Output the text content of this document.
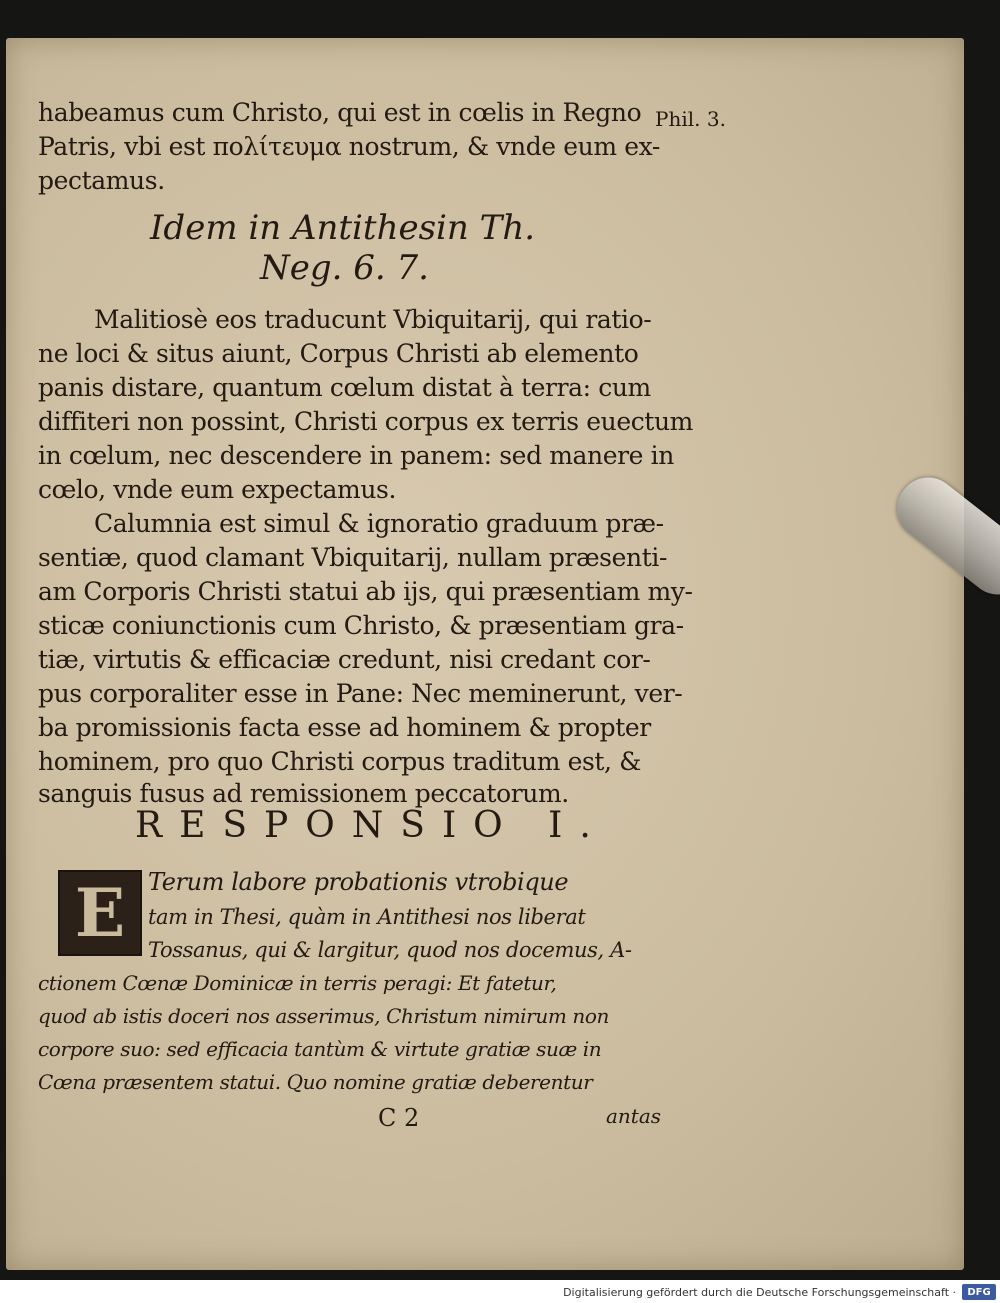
habeamus cum Christo, qui est in cœlis in Regno
Patris, vbi est πολίτευμα nostrum, & vnde eum ex-
pectamus.
Phil. 3.
Idem in Antithesin Th.
Neg. 6. 7.
Malitiosè eos traducunt Vbiquitarij, qui ratio-
ne loci & situs aiunt, Corpus Christi ab elemento
panis distare, quantum cœlum distat à terra: cum
diffiteri non possint, Christi corpus ex terris euectum
in cœlum, nec descendere in panem: sed manere in
cœlo, vnde eum expectamus.
Calumnia est simul & ignoratio graduum præ-
sentiæ, quod clamant Vbiquitarij, nullam præsenti-
am Corporis Christi statui ab ijs, qui præsentiam my-
sticæ coniunctionis cum Christo, & præsentiam gra-
tiæ, virtutis & efficaciæ credunt, nisi credant cor-
pus corporaliter esse in Pane: Nec meminerunt, ver-
ba promissionis facta esse ad hominem & propter
hominem, pro quo Christi corpus traditum est, &
sanguis fusus ad remissionem peccatorum.
RESPONSIO I.
E Terum labore probationis vtrobique
tam in Thesi, quàm in Antithesi nos liberat
Tossanus, qui & largitur, quod nos docemus, A-
ctionem Cœnæ Dominicæ in terris peragi: Et fatetur,
quod ab istis doceri nos asserimus, Christum nimirum non
corpore suo: sed efficacia tantùm & virtute gratiæ suæ in
Cœna præsentem statui. Quo nomine gratiæ deberentur
C 2	antas
Digitalisierung gefördert durch die Deutsche Forschungsgemeinschaft ·	DFG
